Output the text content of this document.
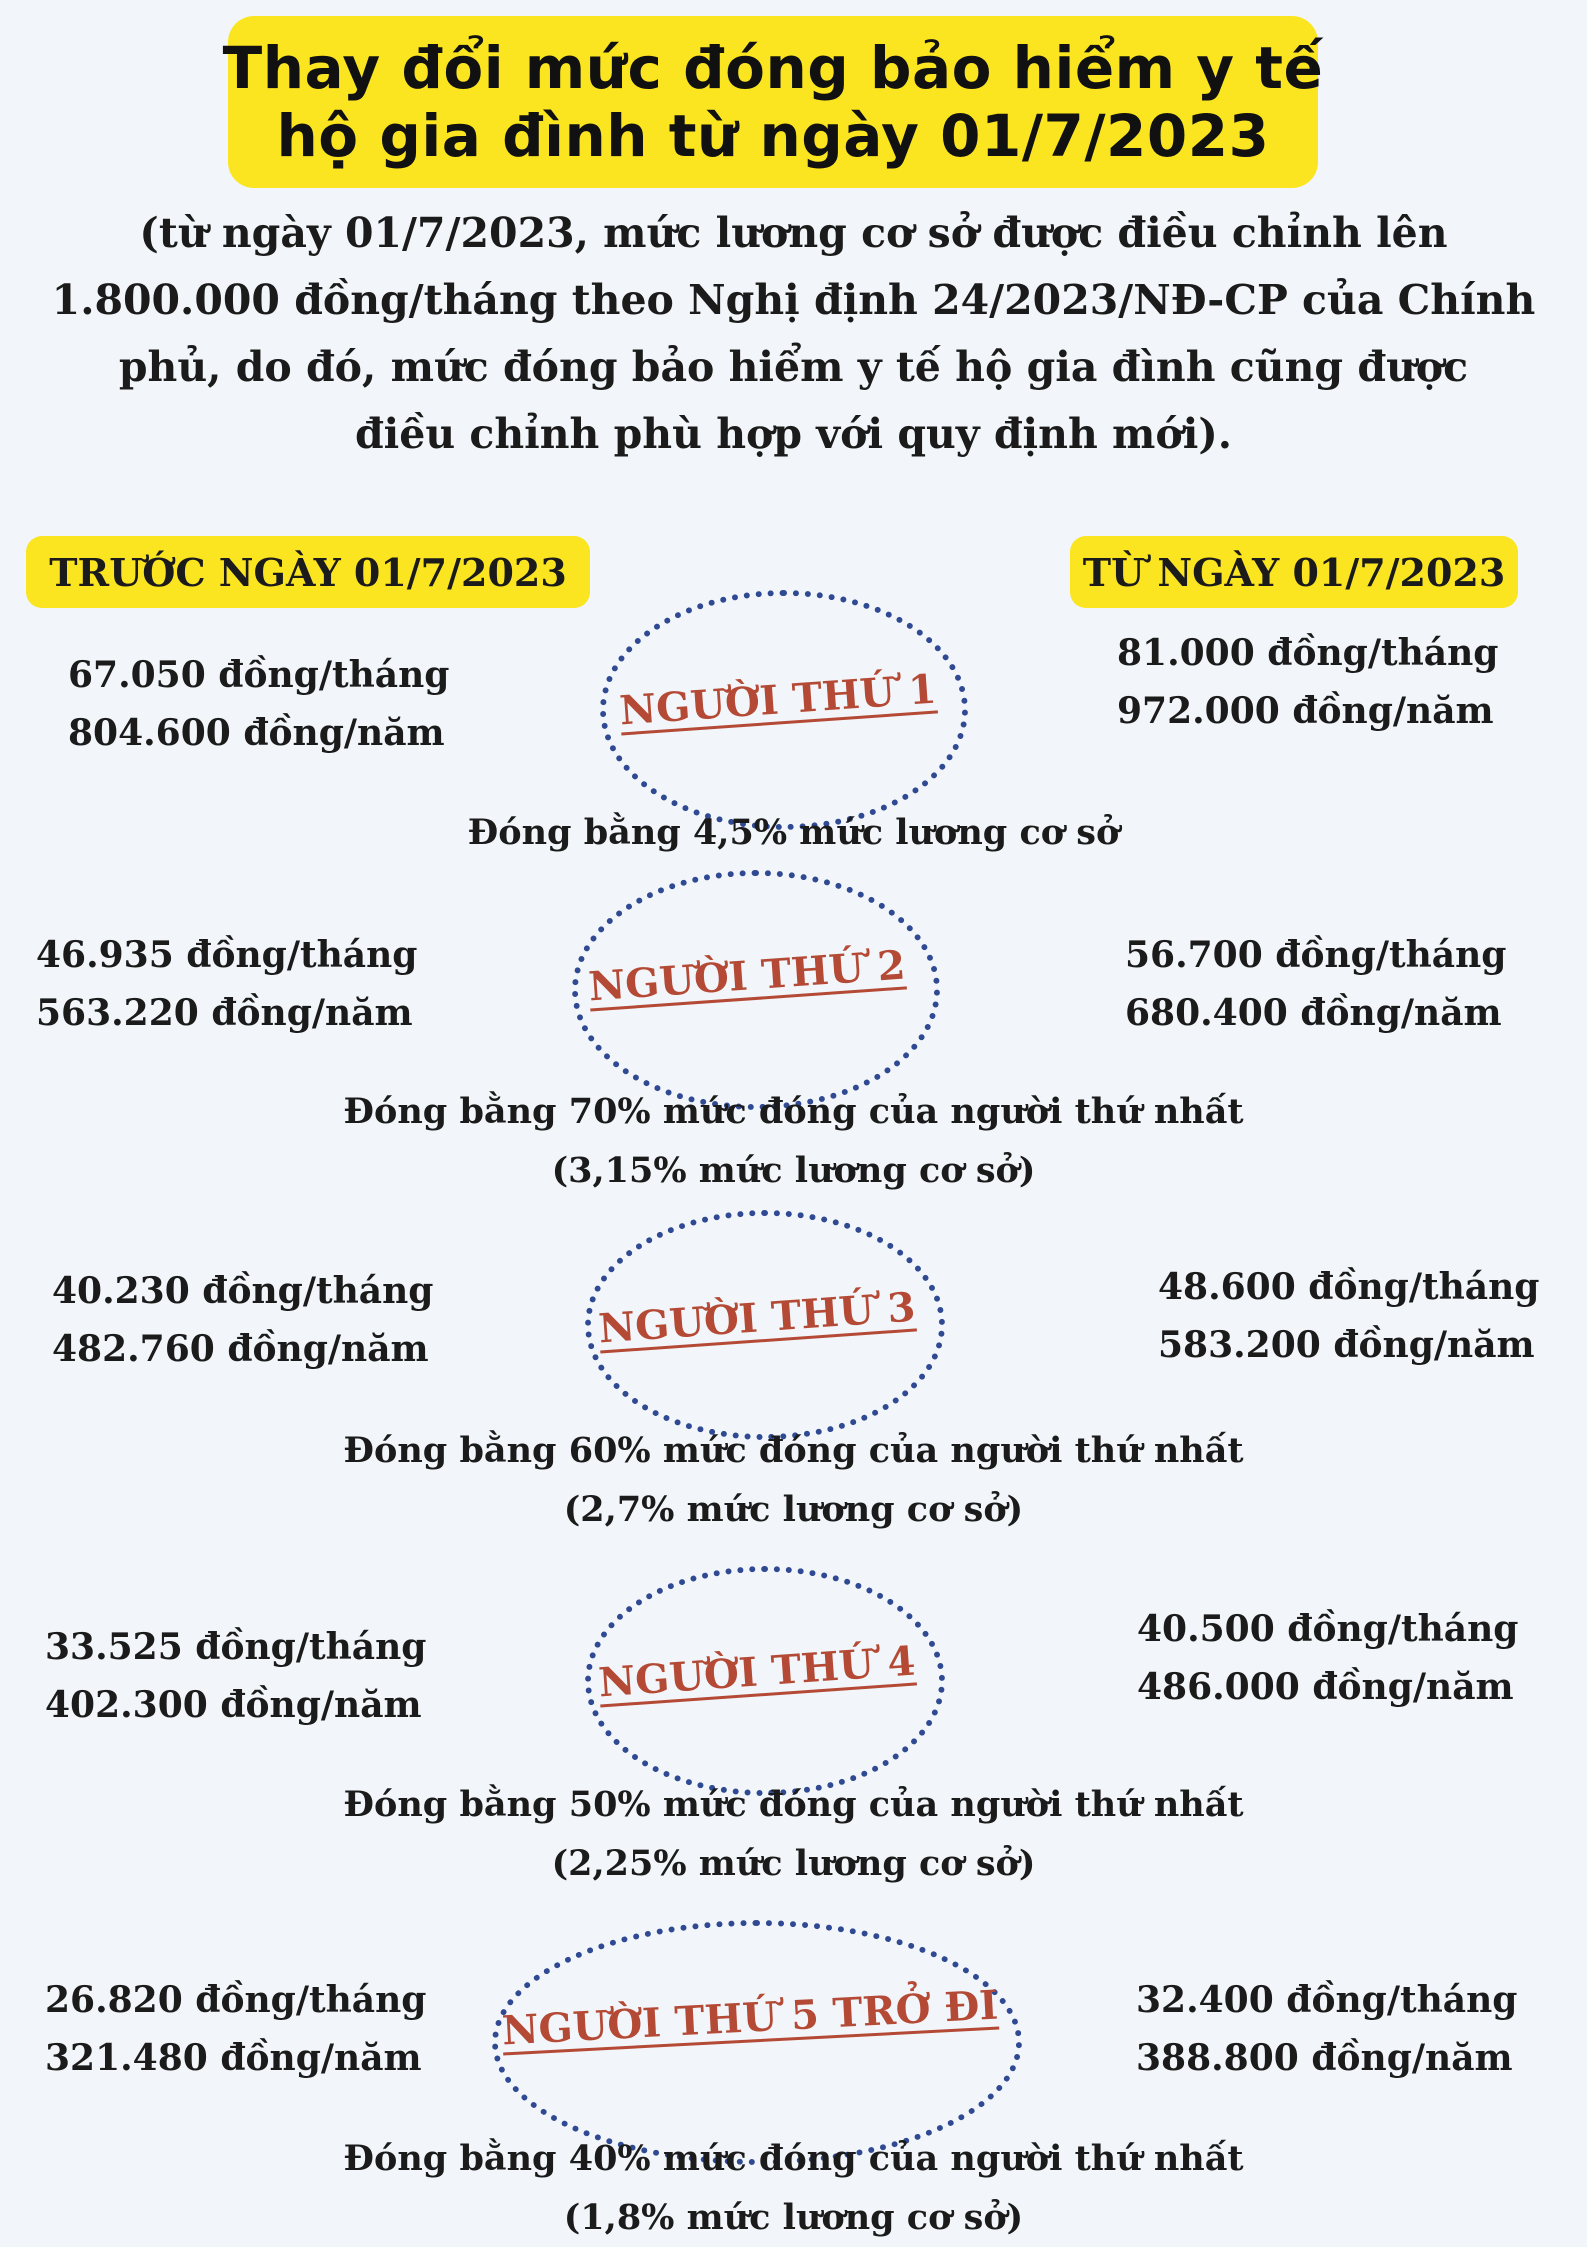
Thay đổi mức đóng bảo hiểm y tế
hộ gia đình từ ngày 01/7/2023
(từ ngày 01/7/2023, mức lương cơ sở được điều chỉnh lên
1.800.000 đồng/tháng theo Nghị định 24/2023/NĐ-CP của Chính
phủ, do đó, mức đóng bảo hiểm y tế hộ gia đình cũng được
điều chỉnh phù hợp với quy định mới).
TRƯỚC NGÀY 01/7/2023	TỪ NGÀY 01/7/2023
NGƯỜI THỨ 1
67.050 đồng/tháng
804.600 đồng/năm
81.000 đồng/tháng
972.000 đồng/năm
Đóng bằng 4,5% mức lương cơ sở
NGƯỜI THỨ 2
46.935 đồng/tháng
563.220 đồng/năm
56.700 đồng/tháng
680.400 đồng/năm
Đóng bằng 70% mức đóng của người thứ nhất
(3,15% mức lương cơ sở)
NGƯỜI THỨ 3
40.230 đồng/tháng
482.760 đồng/năm
48.600 đồng/tháng
583.200 đồng/năm
Đóng bằng 60% mức đóng của người thứ nhất
(2,7% mức lương cơ sở)
NGƯỜI THỨ 4
33.525 đồng/tháng
402.300 đồng/năm
40.500 đồng/tháng
486.000 đồng/năm
Đóng bằng 50% mức đóng của người thứ nhất
(2,25% mức lương cơ sở)
NGƯỜI THỨ 5 TRỞ ĐI
26.820 đồng/tháng
321.480 đồng/năm
32.400 đồng/tháng
388.800 đồng/năm
Đóng bằng 40% mức đóng của người thứ nhất
(1,8% mức lương cơ sở)
